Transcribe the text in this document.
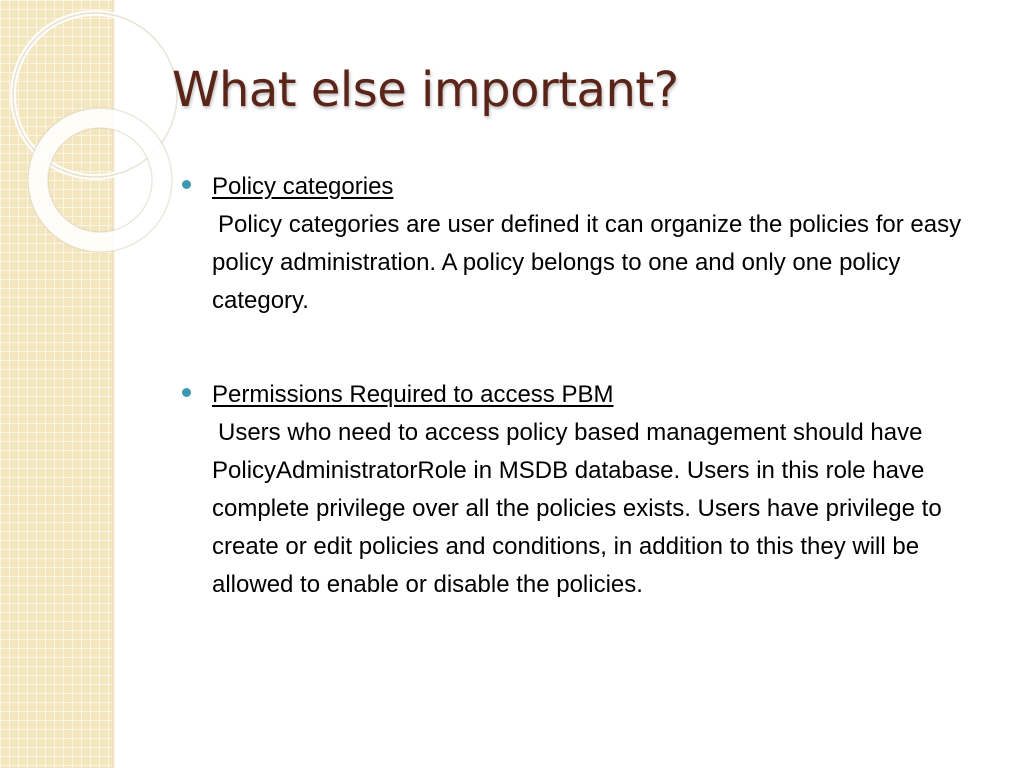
What else important?
Policy categories

Policy categories are user defined it can organize the policies for easy policy administration. A policy belongs to one and only one policy category.

Permissions Required to access PBM

Users who need to access policy based management should have PolicyAdministratorRole in MSDB database. Users in this role have complete privilege over all the policies exists. Users have privilege to create or edit policies and conditions, in addition to this they will be allowed to enable or disable the policies.
